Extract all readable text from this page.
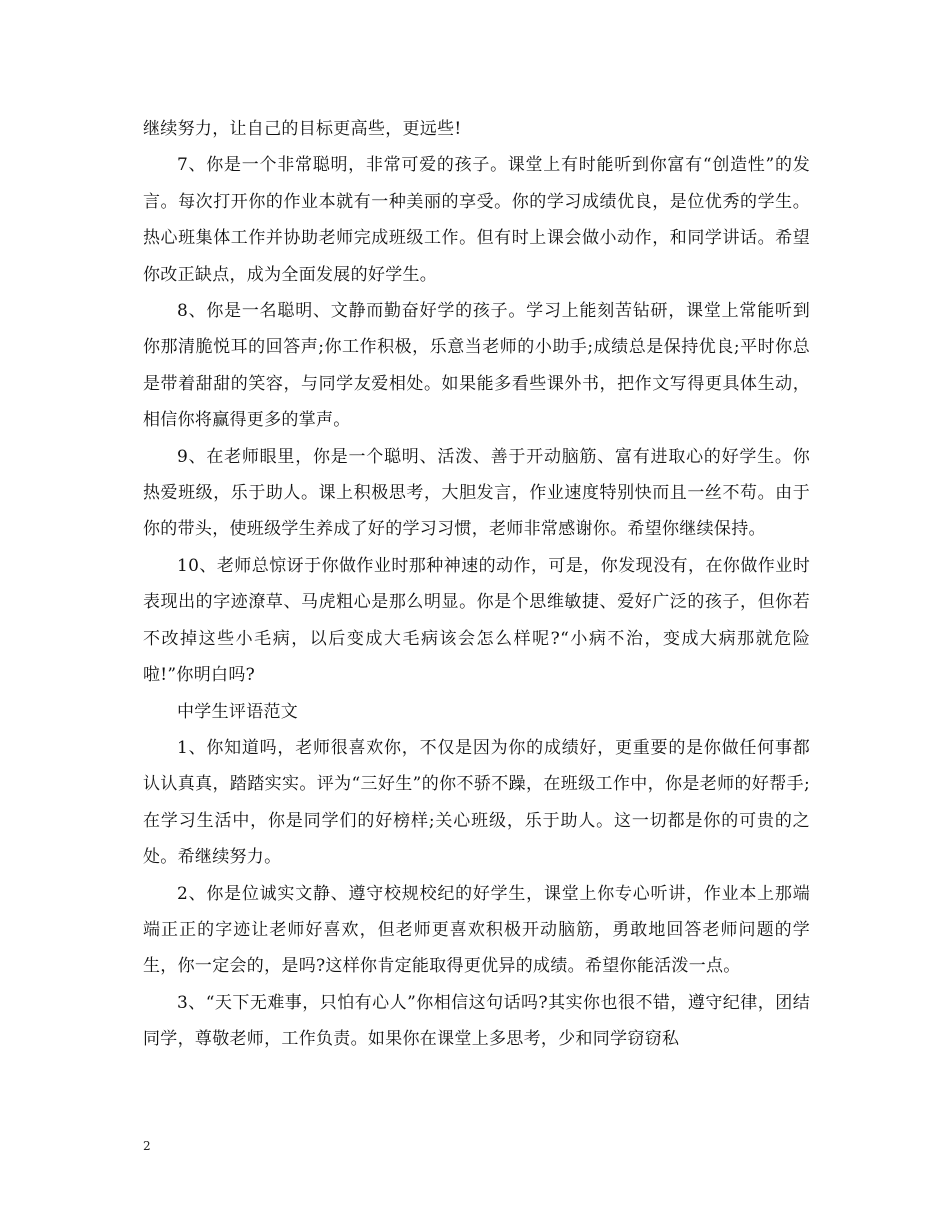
继续努力，让自己的目标更高些，更远些!

7、你是一个非常聪明，非常可爱的孩子。课堂上有时能听到你富有“创造性”的发言。每次打开你的作业本就有一种美丽的享受。你的学习成绩优良，是位优秀的学生。热心班集体工作并协助老师完成班级工作。但有时上课会做小动作，和同学讲话。希望你改正缺点，成为全面发展的好学生。

8、你是一名聪明、文静而勤奋好学的孩子。学习上能刻苦钻研，课堂上常能听到你那清脆悦耳的回答声;你工作积极，乐意当老师的小助手;成绩总是保持优良;平时你总是带着甜甜的笑容，与同学友爱相处。如果能多看些课外书，把作文写得更具体生动，相信你将赢得更多的掌声。

9、在老师眼里，你是一个聪明、活泼、善于开动脑筋、富有进取心的好学生。你热爱班级，乐于助人。课上积极思考，大胆发言，作业速度特别快而且一丝不苟。由于你的带头，使班级学生养成了好的学习习惯，老师非常感谢你。希望你继续保持。

10、老师总惊讶于你做作业时那种神速的动作，可是，你发现没有，在你做作业时表现出的字迹潦草、马虎粗心是那么明显。你是个思维敏捷、爱好广泛的孩子，但你若不改掉这些小毛病，以后变成大毛病该会怎么样呢?“小病不治，变成大病那就危险啦!”你明白吗?

中学生评语范文

1、你知道吗，老师很喜欢你，不仅是因为你的成绩好，更重要的是你做任何事都认认真真，踏踏实实。评为“三好生”的你不骄不躁，在班级工作中，你是老师的好帮手;在学习生活中，你是同学们的好榜样;关心班级，乐于助人。这一切都是你的可贵的之处。希继续努力。

2、你是位诚实文静、遵守校规校纪的好学生，课堂上你专心听讲，作业本上那端端正正的字迹让老师好喜欢，但老师更喜欢积极开动脑筋，勇敢地回答老师问题的学生，你一定会的，是吗?这样你肯定能取得更优异的成绩。希望你能活泼一点。

3、“天下无难事，只怕有心人”你相信这句话吗?其实你也很不错，遵守纪律，团结同学，尊敬老师，工作负责。如果你在课堂上多思考，少和同学窃窃私

2
